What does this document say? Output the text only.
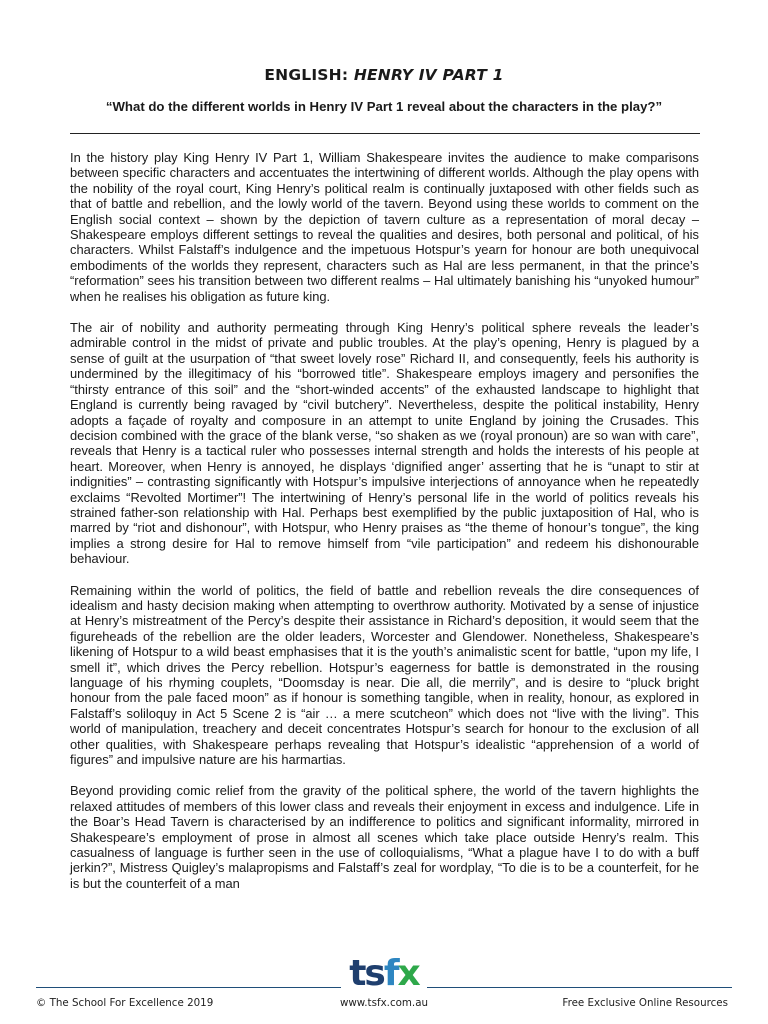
ENGLISH: HENRY IV PART 1
“What do the different worlds in Henry IV Part 1 reveal about the characters in the play?”

In the history play King Henry IV Part 1, William Shakespeare invites the audience to make comparisons between specific characters and accentuates the intertwining of different worlds. Although the play opens with the nobility of the royal court, King Henry’s political realm is continually juxtaposed with other fields such as that of battle and rebellion, and the lowly world of the tavern. Beyond using these worlds to comment on the English social context – shown by the depiction of tavern culture as a representation of moral decay – Shakespeare employs different settings to reveal the qualities and desires, both personal and political, of his characters. Whilst Falstaff’s indulgence and the impetuous Hotspur’s yearn for honour are both unequivocal embodiments of the worlds they represent, characters such as Hal are less permanent, in that the prince’s “reformation” sees his transition between two different realms – Hal ultimately banishing his “unyoked humour” when he realises his obligation as future king.

The air of nobility and authority permeating through King Henry’s political sphere reveals the leader’s admirable control in the midst of private and public troubles. At the play’s opening, Henry is plagued by a sense of guilt at the usurpation of “that sweet lovely rose” Richard II, and consequently, feels his authority is undermined by the illegitimacy of his “borrowed title”. Shakespeare employs imagery and personifies the “thirsty entrance of this soil” and the “short-winded accents” of the exhausted landscape to highlight that England is currently being ravaged by “civil butchery”. Nevertheless, despite the political instability, Henry adopts a façade of royalty and composure in an attempt to unite England by joining the Crusades. This decision combined with the grace of the blank verse, “so shaken as we (royal pronoun) are so wan with care”, reveals that Henry is a tactical ruler who possesses internal strength and holds the interests of his people at heart. Moreover, when Henry is annoyed, he displays ‘dignified anger’ asserting that he is “unapt to stir at indignities” – contrasting significantly with Hotspur’s impulsive interjections of annoyance when he repeatedly exclaims “Revolted Mortimer”! The intertwining of Henry’s personal life in the world of politics reveals his strained father-son relationship with Hal. Perhaps best exemplified by the public juxtaposition of Hal, who is marred by “riot and dishonour”, with Hotspur, who Henry praises as “the theme of honour’s tongue”, the king implies a strong desire for Hal to remove himself from “vile participation” and redeem his dishonourable behaviour.

Remaining within the world of politics, the field of battle and rebellion reveals the dire consequences of idealism and hasty decision making when attempting to overthrow authority. Motivated by a sense of injustice at Henry’s mistreatment of the Percy’s despite their assistance in Richard’s deposition, it would seem that the figureheads of the rebellion are the older leaders, Worcester and Glendower. Nonetheless, Shakespeare’s likening of Hotspur to a wild beast emphasises that it is the youth’s animalistic scent for battle, “upon my life, I smell it”, which drives the Percy rebellion. Hotspur’s eagerness for battle is demonstrated in the rousing language of his rhyming couplets, “Doomsday is near. Die all, die merrily”, and is desire to “pluck bright honour from the pale faced moon” as if honour is something tangible, when in reality, honour, as explored in Falstaff’s soliloquy in Act 5 Scene 2 is “air … a mere scutcheon” which does not “live with the living”. This world of manipulation, treachery and deceit concentrates Hotspur’s search for honour to the exclusion of all other qualities, with Shakespeare perhaps revealing that Hotspur’s idealistic “apprehension of a world of figures” and impulsive nature are his harmartias.

Beyond providing comic relief from the gravity of the political sphere, the world of the tavern highlights the relaxed attitudes of members of this lower class and reveals their enjoyment in excess and indulgence. Life in the Boar’s Head Tavern is characterised by an indifference to politics and significant informality, mirrored in Shakespeare’s employment of prose in almost all scenes which take place outside Henry’s realm. This casualness of language is further seen in the use of colloquialisms, “What a plague have I to do with a buff jerkin?”, Mistress Quigley’s malapropisms and Falstaff’s zeal for wordplay, “To die is to be a counterfeit, for he is but the counterfeit of a man

tsfx
© The School For Excellence 2019	www.tsfx.com.au	Free Exclusive Online Resources
